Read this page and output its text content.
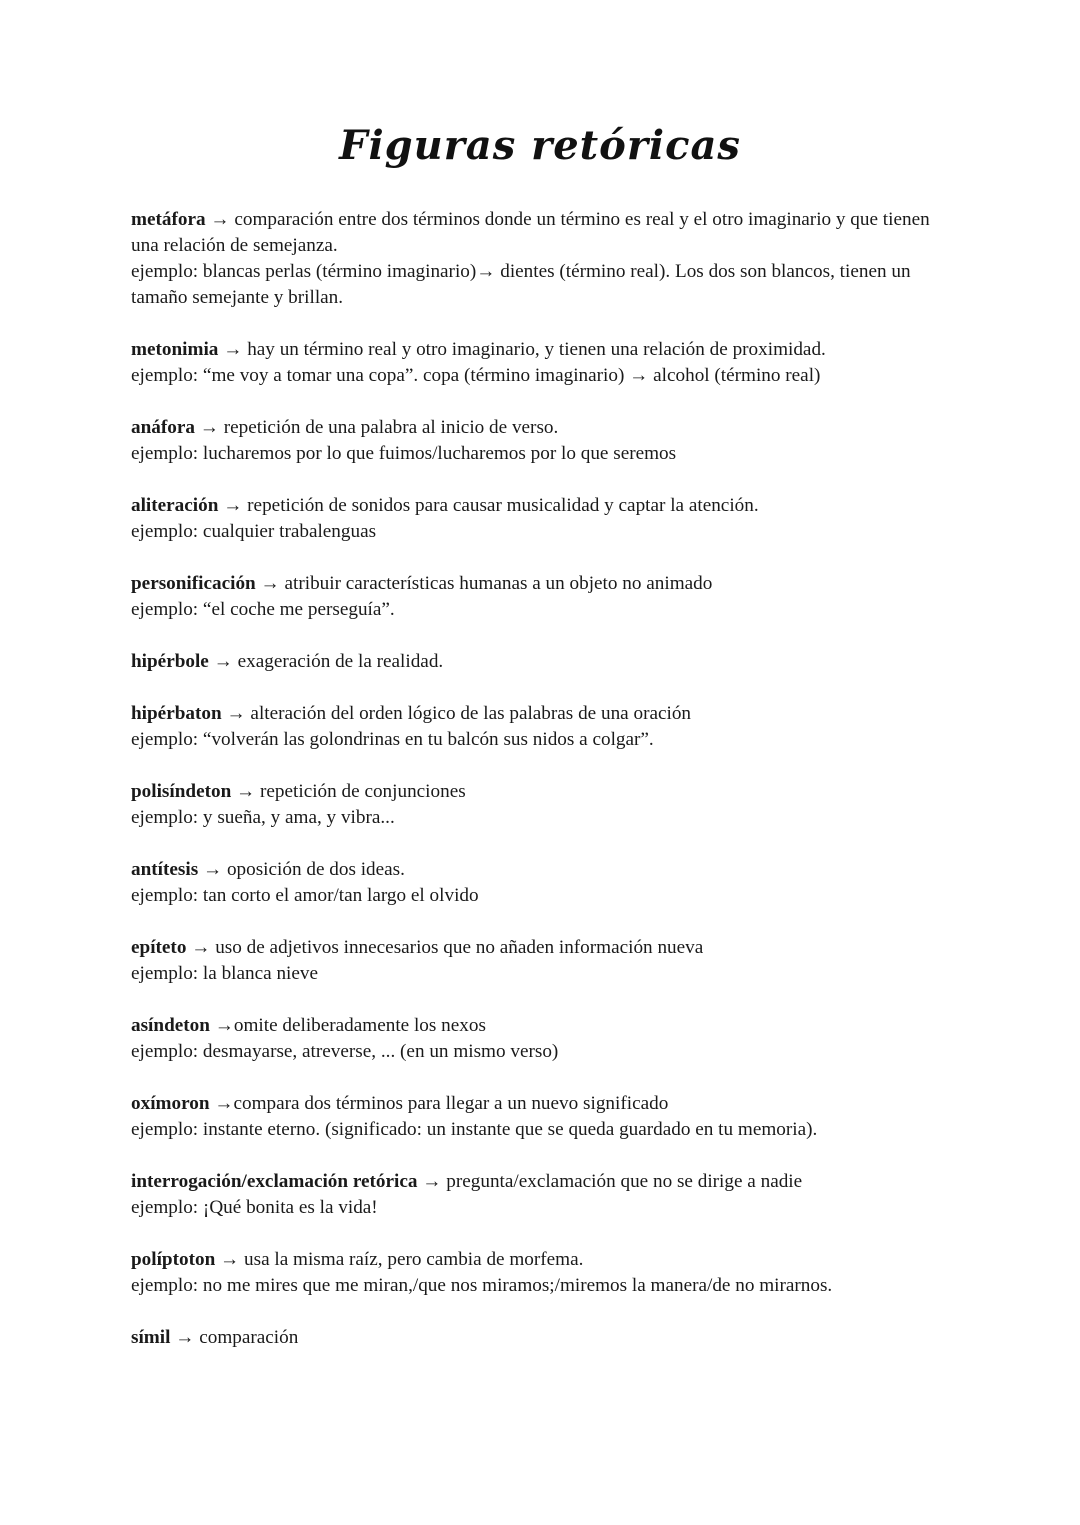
Figuras retóricas

metáfora → comparación entre dos términos donde un término es real y el otro imaginario y que tienen una relación de semejanza.

ejemplo: blancas perlas (término imaginario)→ dientes (término real). Los dos son blancos, tienen un tamaño semejante y brillan.

metonimia → hay un término real y otro imaginario, y tienen una relación de proximidad.

ejemplo: “me voy a tomar una copa”. copa (término imaginario) → alcohol (término real)

anáfora → repetición de una palabra al inicio de verso.

ejemplo: lucharemos por lo que fuimos/lucharemos por lo que seremos

aliteración → repetición de sonidos para causar musicalidad y captar la atención.

ejemplo: cualquier trabalenguas

personificación → atribuir características humanas a un objeto no animado

ejemplo: “el coche me perseguía”.

hipérbole → exageración de la realidad.

hipérbaton → alteración del orden lógico de las palabras de una oración

ejemplo: “volverán las golondrinas en tu balcón sus nidos a colgar”.

polisíndeton → repetición de conjunciones

ejemplo: y sueña, y ama, y vibra...

antítesis → oposición de dos ideas.

ejemplo: tan corto el amor/tan largo el olvido

epíteto → uso de adjetivos innecesarios que no añaden información nueva

ejemplo: la blanca nieve

asíndeton →omite deliberadamente los nexos

ejemplo: desmayarse, atreverse, ... (en un mismo verso)

oxímoron →compara dos términos para llegar a un nuevo significado

ejemplo: instante eterno. (significado: un instante que se queda guardado en tu memoria).

interrogación/exclamación retórica → pregunta/exclamación que no se dirige a nadie

ejemplo: ¡Qué bonita es la vida!

políptoton → usa la misma raíz, pero cambia de morfema.

ejemplo: no me mires que me miran,/que nos miramos;/miremos la manera/de no mirarnos.

símil → comparación
